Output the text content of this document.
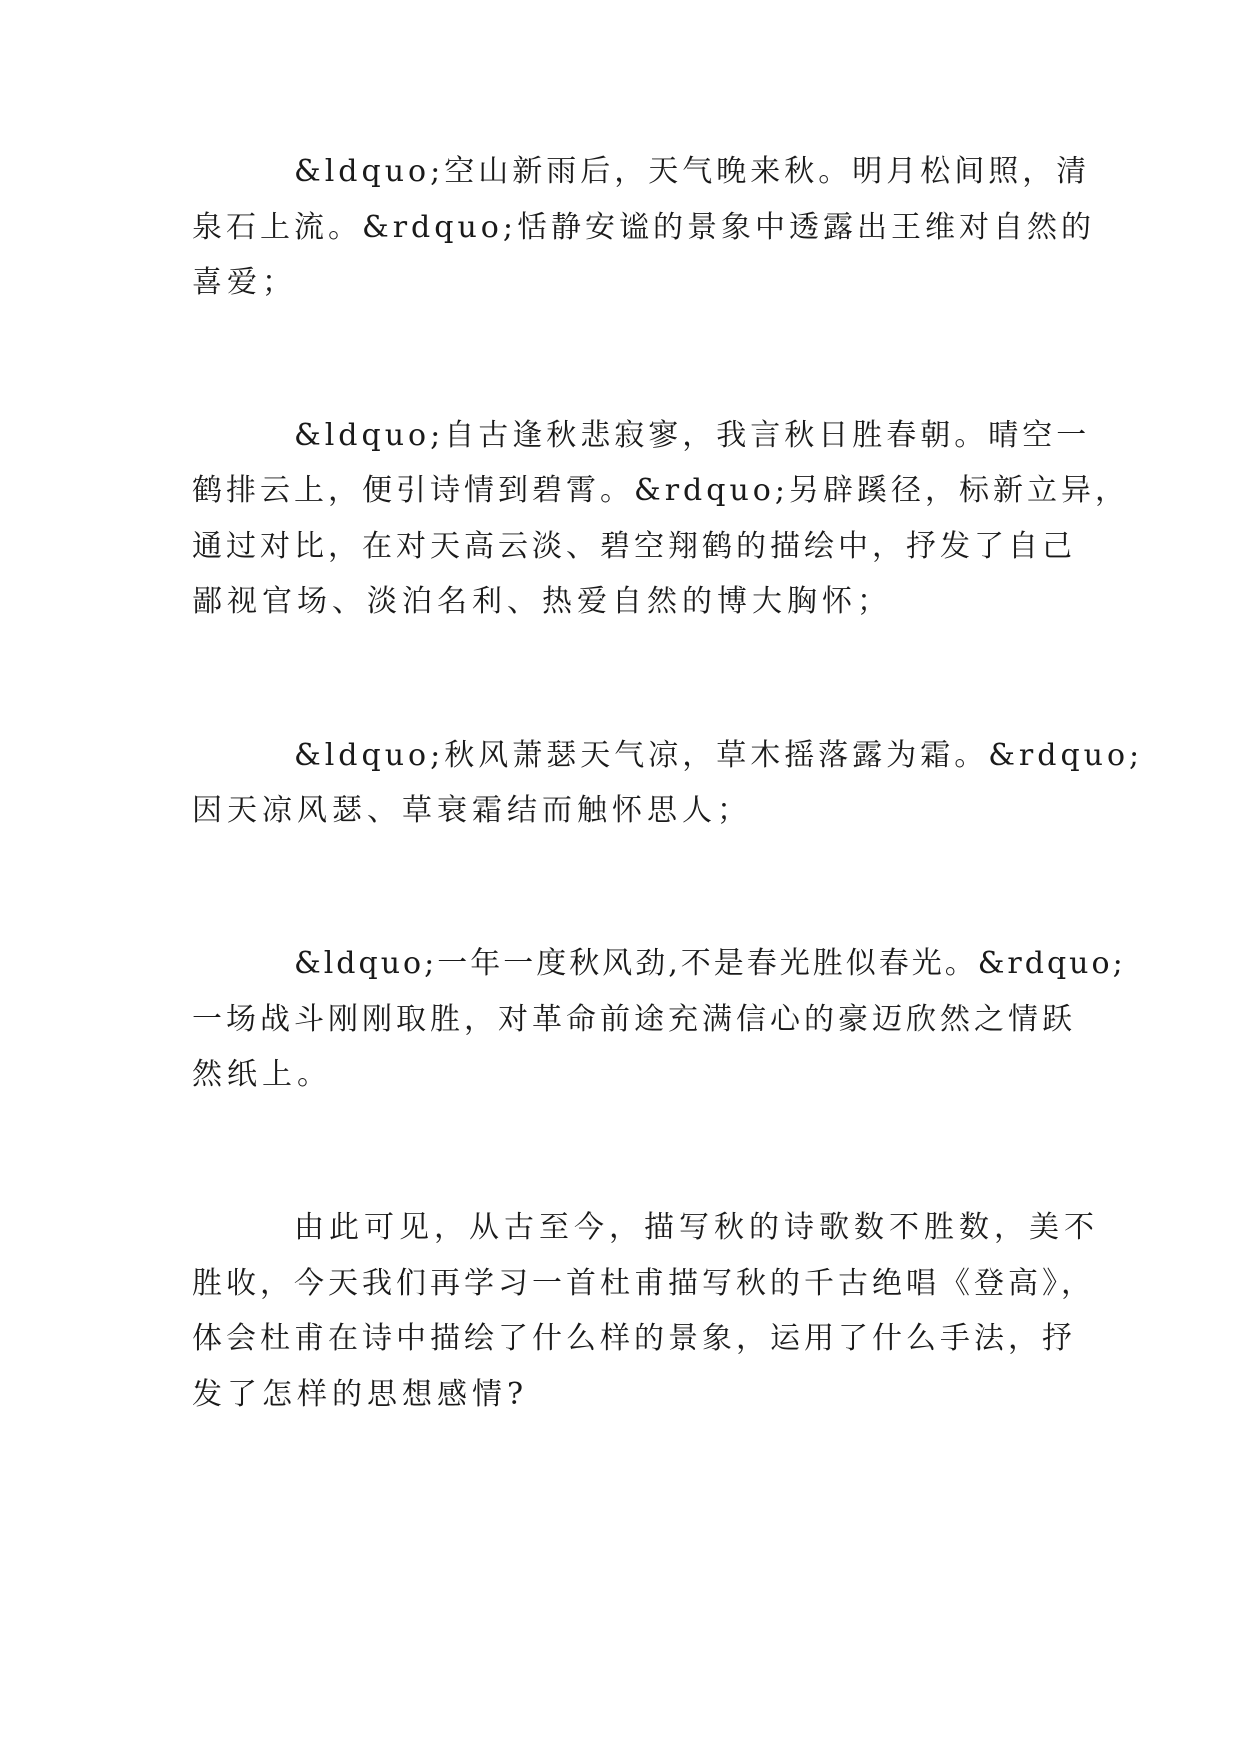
&ldquo;空山新雨后，天气晚来秋。明月松间照，清
泉石上流。&rdquo;恬静安谧的景象中透露出王维对自然的
喜爱；
&ldquo;自古逢秋悲寂寥，我言秋日胜春朝。晴空一
鹤排云上，便引诗情到碧霄。&rdquo;另辟蹊径，标新立异，
通过对比，在对天高云淡、碧空翔鹤的描绘中，抒发了自己
鄙视官场、淡泊名利、热爱自然的博大胸怀；
&ldquo;秋风萧瑟天气凉，草木摇落露为霜。&rdquo;
因天凉风瑟、草衰霜结而触怀思人；
&ldquo;一年一度秋风劲,不是春光胜似春光。&rdquo;
一场战斗刚刚取胜，对革命前途充满信心的豪迈欣然之情跃
然纸上。
由此可见，从古至今，描写秋的诗歌数不胜数，美不
胜收，今天我们再学习一首杜甫描写秋的千古绝唱《登高》，
体会杜甫在诗中描绘了什么样的景象，运用了什么手法，抒
发了怎样的思想感情?
